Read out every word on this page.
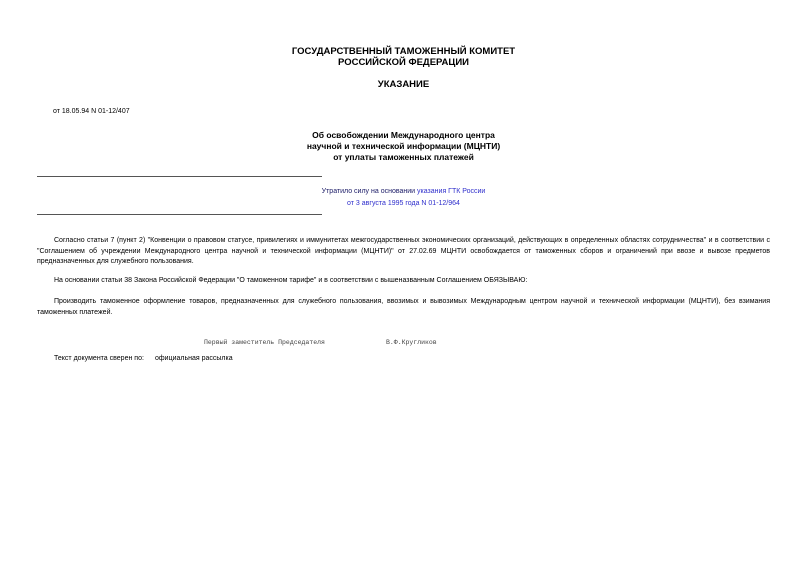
ГОСУДАРСТВЕННЫЙ ТАМОЖЕННЫЙ КОМИТЕТ
РОССИЙСКОЙ ФЕДЕРАЦИИ
УКАЗАНИЕ
от 18.05.94 N 01-12/407
Об освобождении Международного центра
научной и технической информации (МЦНТИ)
от уплаты таможенных платежей
Утратило силу на основании указания ГТК России
от 3 августа 1995 года N 01-12/964
Согласно статьи 7 (пункт 2) "Конвенции о правовом статусе, привилегиях и иммунитетах межгосударственных экономических организаций, действующих в определенных областях сотрудничества" и в соответствии с "Соглашением об учреждении Международного центра научной и технической информации (МЦНТИ)" от 27.02.69 МЦНТИ освобождается от таможенных сборов и ограничений при ввозе и вывозе предметов предназначенных для служебного пользования.
На основании статьи 38 Закона Российской Федерации "О таможенном тарифе" и в соответствии с вышеназванным Соглашением ОБЯЗЫВАЮ:
Производить таможенное оформление товаров, предназначенных для служебного пользования, ввозимых и вывозимых Международным центром научной и технической информации (МЦНТИ), без взимания таможенных платежей.
Первый заместитель Председателя	В.Ф.Кругликов
Текст документа сверен по: официальная рассылка
